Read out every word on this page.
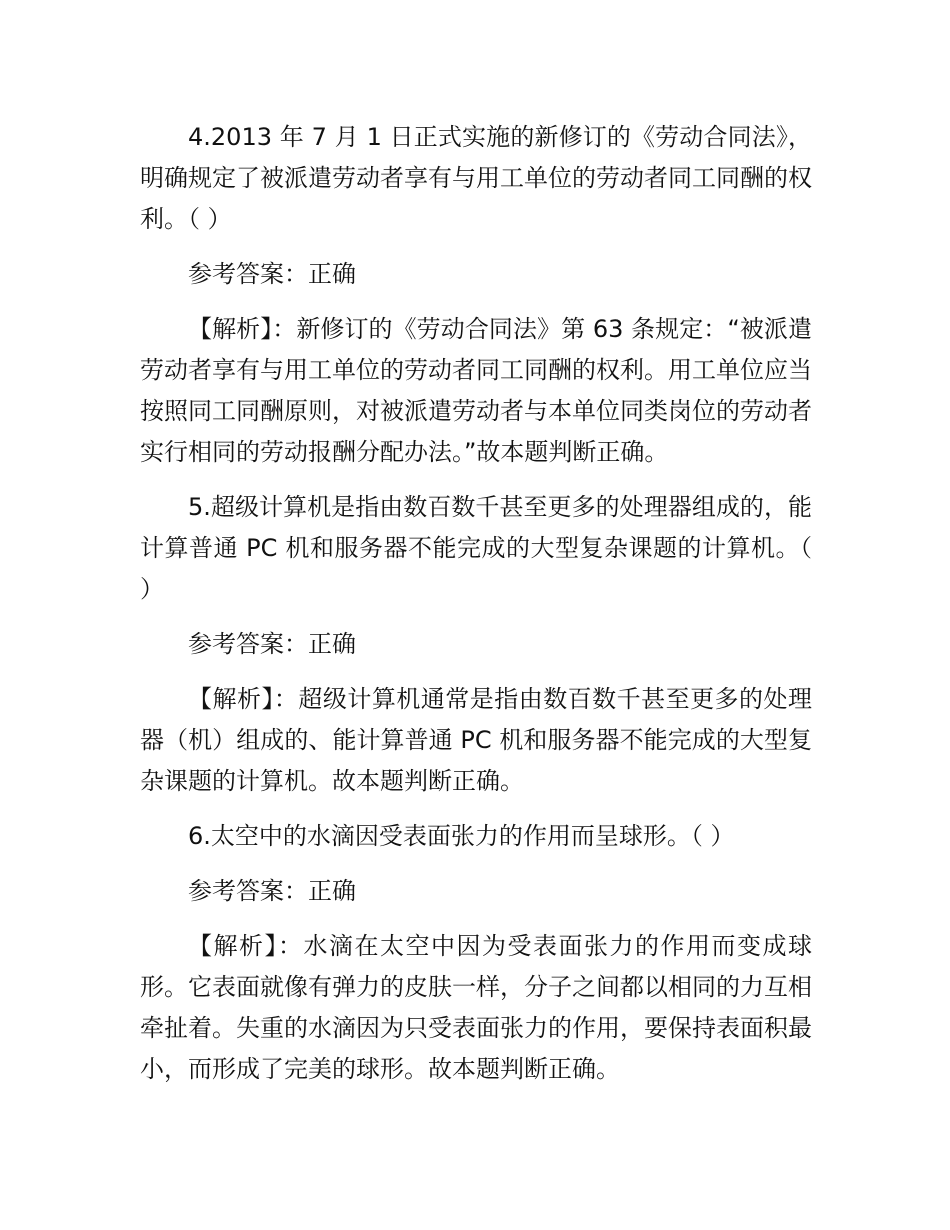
4.2013 年 7 月 1 日正式实施的新修订的《劳动合同法》，明确规定了被派遣劳动者享有与用工单位的劳动者同工同酬的权利。（ ）

参考答案：正确

【解析】：新修订的《劳动合同法》第 63 条规定：“被派遣劳动者享有与用工单位的劳动者同工同酬的权利。用工单位应当按照同工同酬原则，对被派遣劳动者与本单位同类岗位的劳动者实行相同的劳动报酬分配办法。”故本题判断正确。

5.超级计算机是指由数百数千甚至更多的处理器组成的，能计算普通 PC 机和服务器不能完成的大型复杂课题的计算机。（ ）

参考答案：正确

【解析】：超级计算机通常是指由数百数千甚至更多的处理器（机）组成的、能计算普通 PC 机和服务器不能完成的大型复杂课题的计算机。故本题判断正确。

6.太空中的水滴因受表面张力的作用而呈球形。（ ）

参考答案：正确

【解析】：水滴在太空中因为受表面张力的作用而变成球形。它表面就像有弹力的皮肤一样，分子之间都以相同的力互相牵扯着。失重的水滴因为只受表面张力的作用，要保持表面积最小，而形成了完美的球形。故本题判断正确。
